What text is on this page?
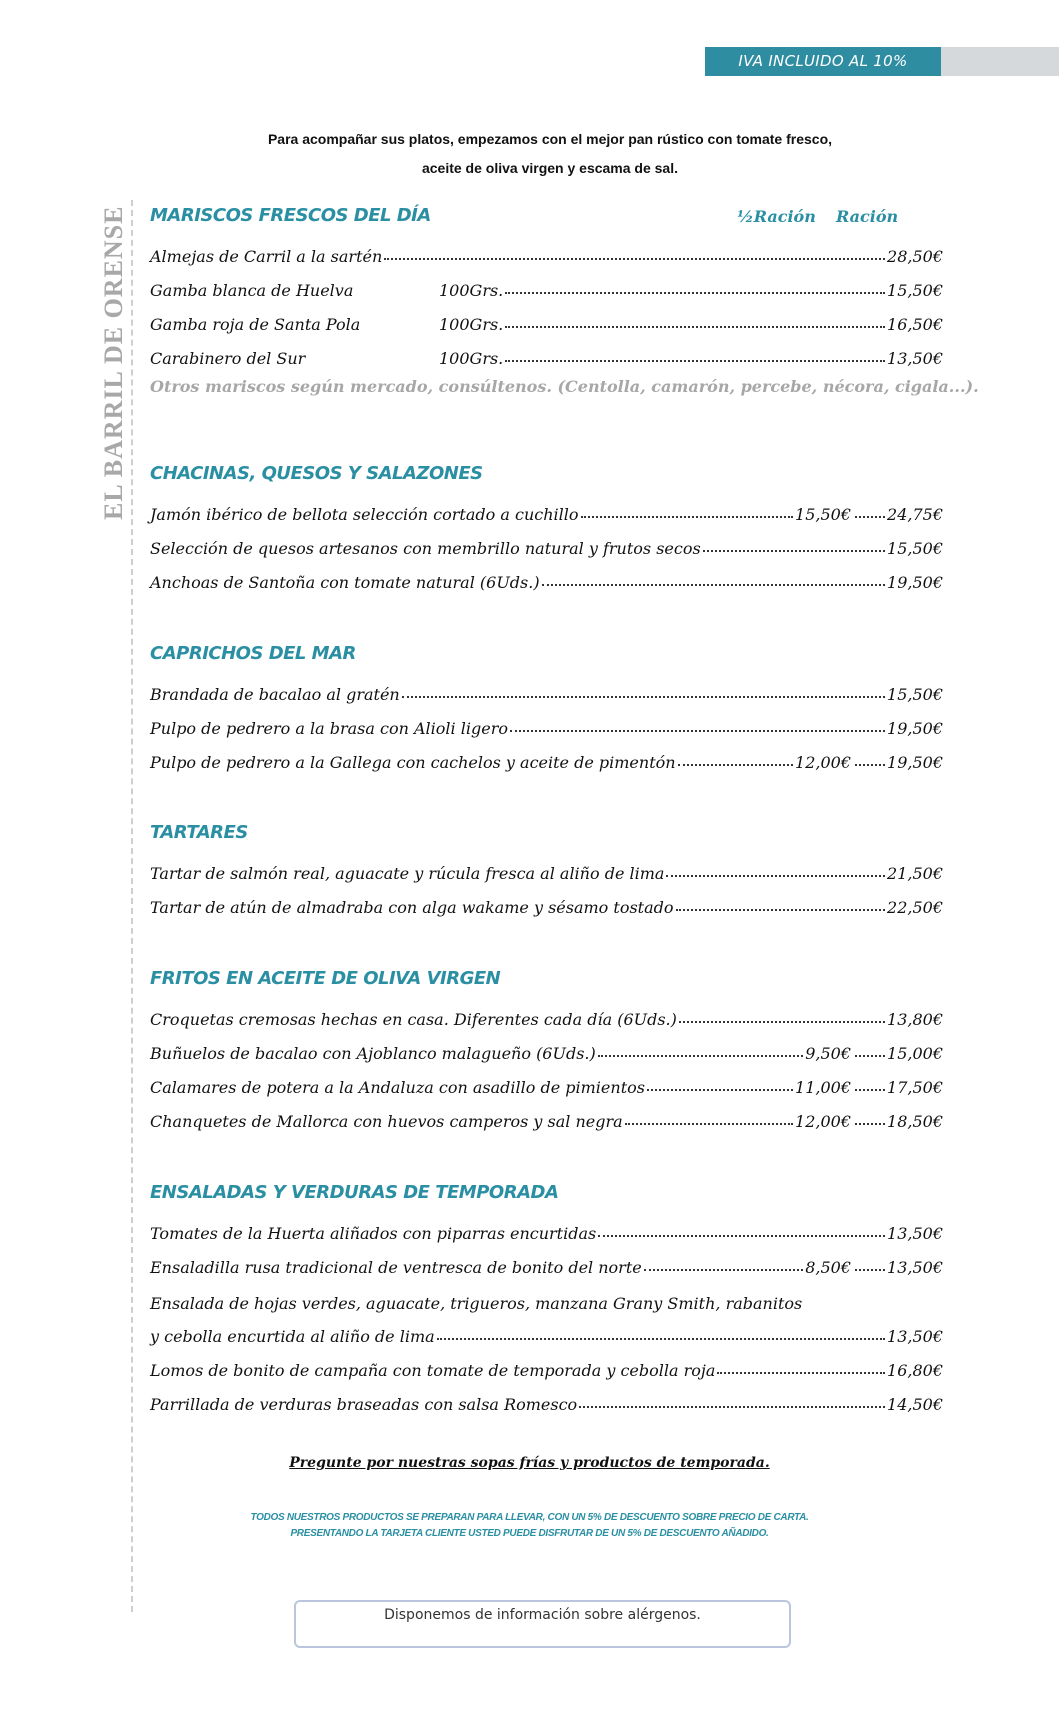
IVA INCLUIDO AL 10%
Para acompañar sus platos, empezamos con el mejor pan rústico con tomate fresco,
aceite de oliva virgen y escama de sal.
EL BARRIL DE ORENSE MARISCOS FRESCOS DEL DÍA	½Ración Ración
Almejas de Carril a la sartén	28,50€
Gamba blanca de Huelva	100Grs.	15,50€
Gamba roja de Santa Pola	100Grs.	16,50€
Carabinero del Sur	100Grs.	13,50€
Otros mariscos según mercado, consúltenos. (Centolla, camarón, percebe, nécora, cigala...).
CHACINAS, QUESOS Y SALAZONES
Jamón ibérico de bellota selección cortado a cuchillo	15,50€ 24,75€
Selección de quesos artesanos con membrillo natural y frutos secos	15,50€
Anchoas de Santoña con tomate natural (6Uds.)	19,50€
CAPRICHOS DEL MAR
Brandada de bacalao al gratén	15,50€
Pulpo de pedrero a la brasa con Alioli ligero	19,50€
Pulpo de pedrero a la Gallega con cachelos y aceite de pimentón	12,00€ 19,50€
TARTARES
Tartar de salmón real, aguacate y rúcula fresca al aliño de lima	21,50€
Tartar de atún de almadraba con alga wakame y sésamo tostado	22,50€
FRITOS EN ACEITE DE OLIVA VIRGEN
Croquetas cremosas hechas en casa. Diferentes cada día (6Uds.)	13,80€
Buñuelos de bacalao con Ajoblanco malagueño (6Uds.)	9,50€ 15,00€
Calamares de potera a la Andaluza con asadillo de pimientos	11,00€ 17,50€
Chanquetes de Mallorca con huevos camperos y sal negra	12,00€ 18,50€
ENSALADAS Y VERDURAS DE TEMPORADA
Tomates de la Huerta aliñados con piparras encurtidas	13,50€
Ensaladilla rusa tradicional de ventresca de bonito del norte	8,50€ 13,50€
Ensalada de hojas verdes, aguacate, trigueros, manzana Grany Smith, rabanitos
y cebolla encurtida al aliño de lima	13,50€
Lomos de bonito de campaña con tomate de temporada y cebolla roja	16,80€
Parrillada de verduras braseadas con salsa Romesco	14,50€
Pregunte por nuestras sopas frías y productos de temporada.
TODOS NUESTROS PRODUCTOS SE PREPARAN PARA LLEVAR, CON UN 5% DE DESCUENTO SOBRE PRECIO DE CARTA.
PRESENTANDO LA TARJETA CLIENTE USTED PUEDE DISFRUTAR DE UN 5% DE DESCUENTO AÑADIDO.
Disponemos de información sobre alérgenos.
